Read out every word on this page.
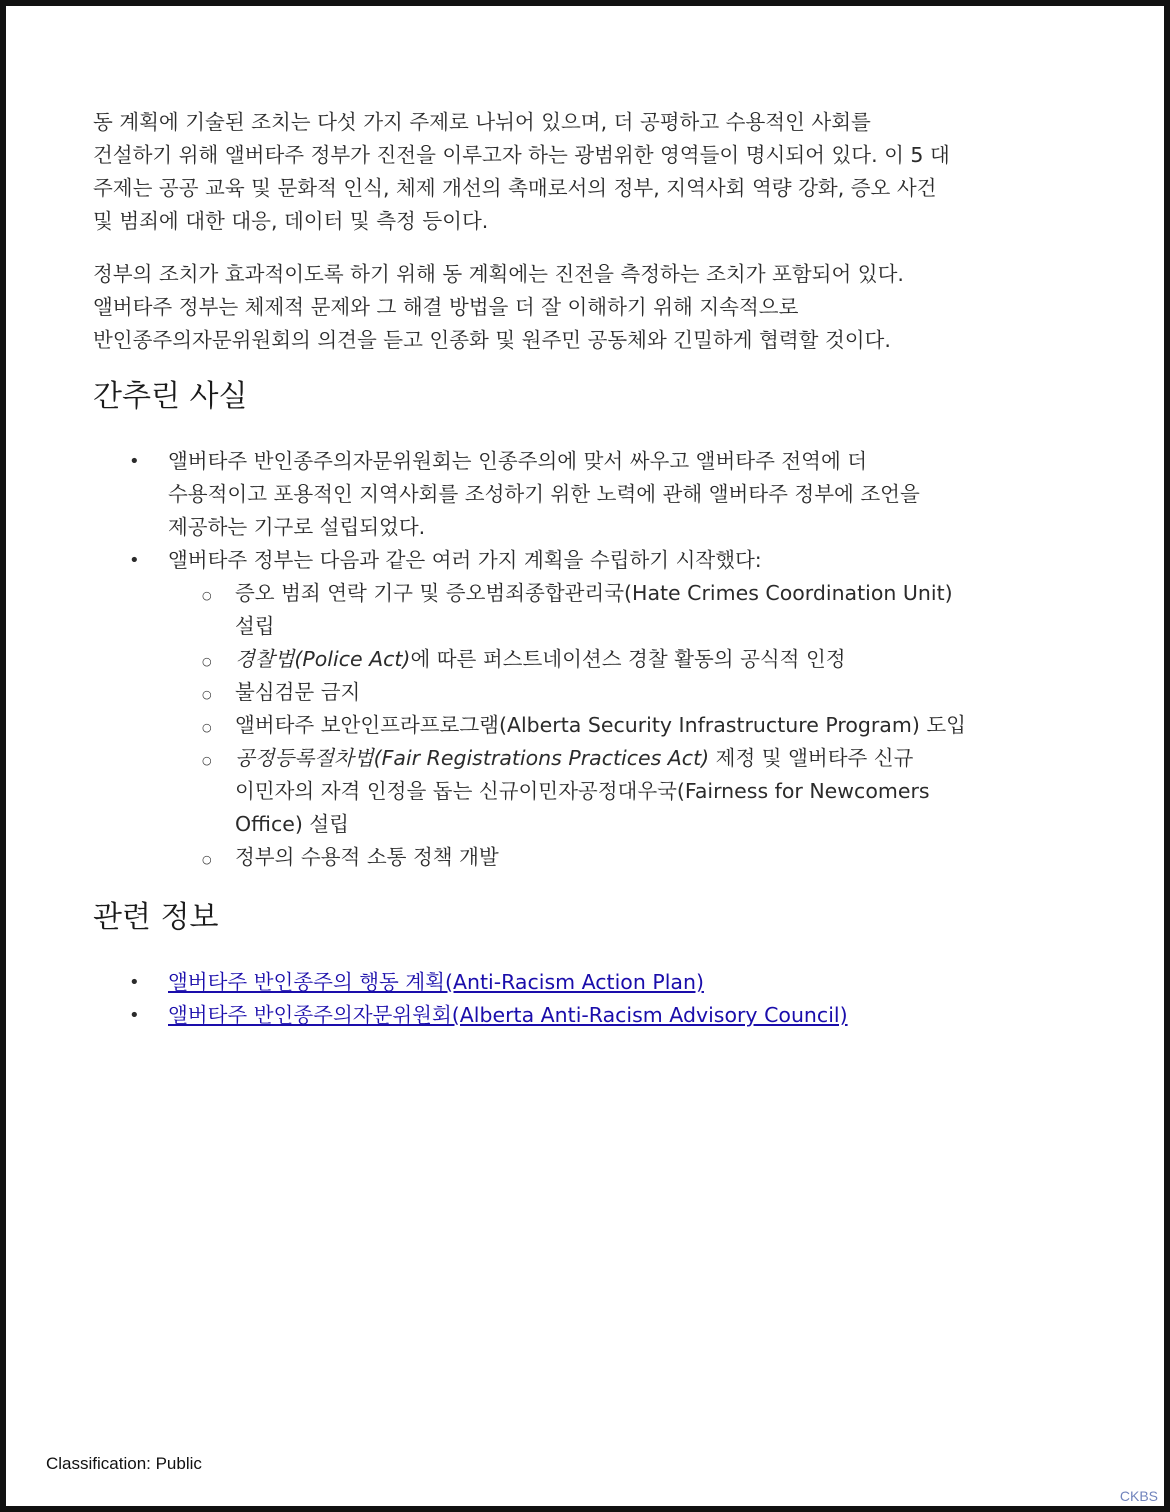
동 계획에 기술된 조치는 다섯 가지 주제로 나뉘어 있으며, 더 공평하고 수용적인 사회를
건설하기 위해 앨버타주 정부가 진전을 이루고자 하는 광범위한 영역들이 명시되어 있다. 이 5 대
주제는 공공 교육 및 문화적 인식, 체제 개선의 촉매로서의 정부, 지역사회 역량 강화, 증오 사건
및 범죄에 대한 대응, 데이터 및 측정 등이다.

정부의 조치가 효과적이도록 하기 위해 동 계획에는 진전을 측정하는 조치가 포함되어 있다.
앨버타주 정부는 체제적 문제와 그 해결 방법을 더 잘 이해하기 위해 지속적으로
반인종주의자문위원회의 의견을 듣고 인종화 및 원주민 공동체와 긴밀하게 협력할 것이다.

간추린 사실
• 앨버타주 반인종주의자문위원회는 인종주의에 맞서 싸우고 앨버타주 전역에 더
수용적이고 포용적인 지역사회를 조성하기 위한 노력에 관해 앨버타주 정부에 조언을
제공하는 기구로 설립되었다.
• 앨버타주 정부는 다음과 같은 여러 가지 계획을 수립하기 시작했다:
○ 증오 범죄 연락 기구 및 증오범죄종합관리국(Hate Crimes Coordination Unit)
설립
○ 경찰법(Police Act)에 따른 퍼스트네이션스 경찰 활동의 공식적 인정
○ 불심검문 금지
○ 앨버타주 보안인프라프로그램(Alberta Security Infrastructure Program) 도입
○ 공정등록절차법(Fair Registrations Practices Act) 제정 및 앨버타주 신규
이민자의 자격 인정을 돕는 신규이민자공정대우국(Fairness for Newcomers
Office) 설립
○ 정부의 수용적 소통 정책 개발
관련 정보
• 앨버타주 반인종주의 행동 계획(Anti-Racism Action Plan)
• 앨버타주 반인종주의자문위원회(Alberta Anti-Racism Advisory Council)
Classification: Public
CKBS
